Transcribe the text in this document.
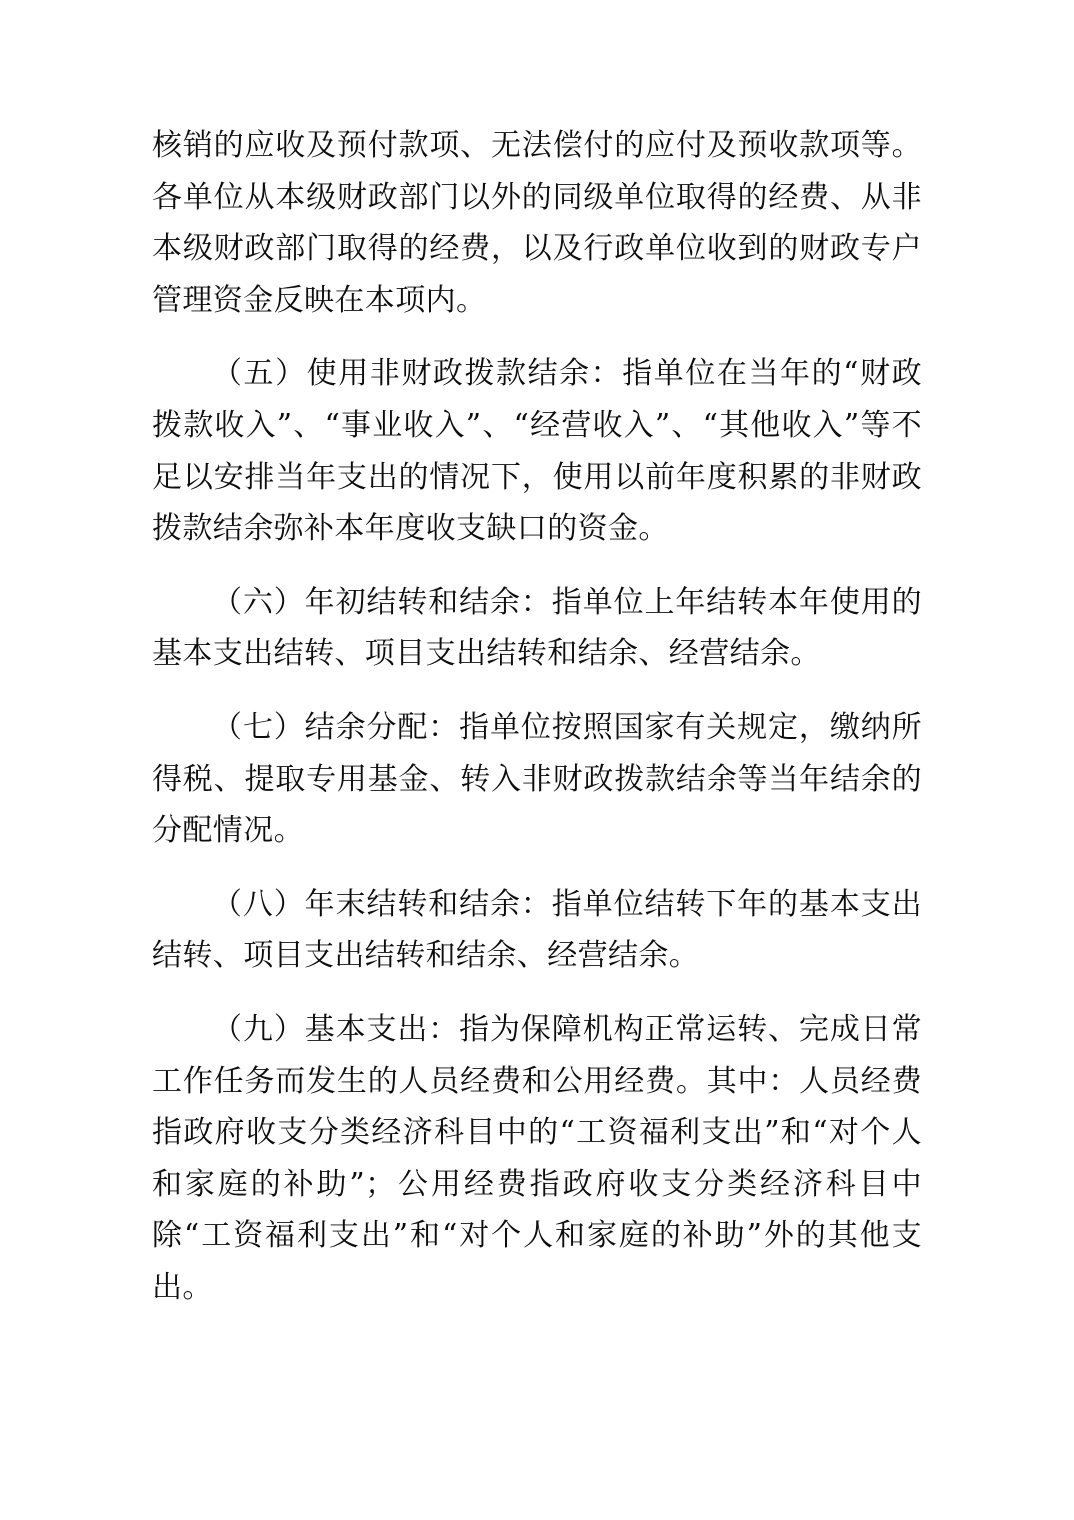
核销的应收及预付款项、无法偿付的应付及预收款项等。各单位从本级财政部门以外的同级单位取得的经费、从非本级财政部门取得的经费，以及行政单位收到的财政专户管理资金反映在本项内。

（五）使用非财政拨款结余：指单位在当年的“财政拨款收入”、“事业收入”、“经营收入”、“其他收入”等不足以安排当年支出的情况下，使用以前年度积累的非财政拨款结余弥补本年度收支缺口的资金。

（六）年初结转和结余：指单位上年结转本年使用的基本支出结转、项目支出结转和结余、经营结余。

（七）结余分配：指单位按照国家有关规定，缴纳所得税、提取专用基金、转入非财政拨款结余等当年结余的分配情况。

（八）年末结转和结余：指单位结转下年的基本支出结转、项目支出结转和结余、经营结余。

（九）基本支出：指为保障机构正常运转、完成日常工作任务而发生的人员经费和公用经费。其中：人员经费指政府收支分类经济科目中的“工资福利支出”和“对个人和家庭的补助”；公用经费指政府收支分类经济科目中除“工资福利支出”和“对个人和家庭的补助”外的其他支出。
